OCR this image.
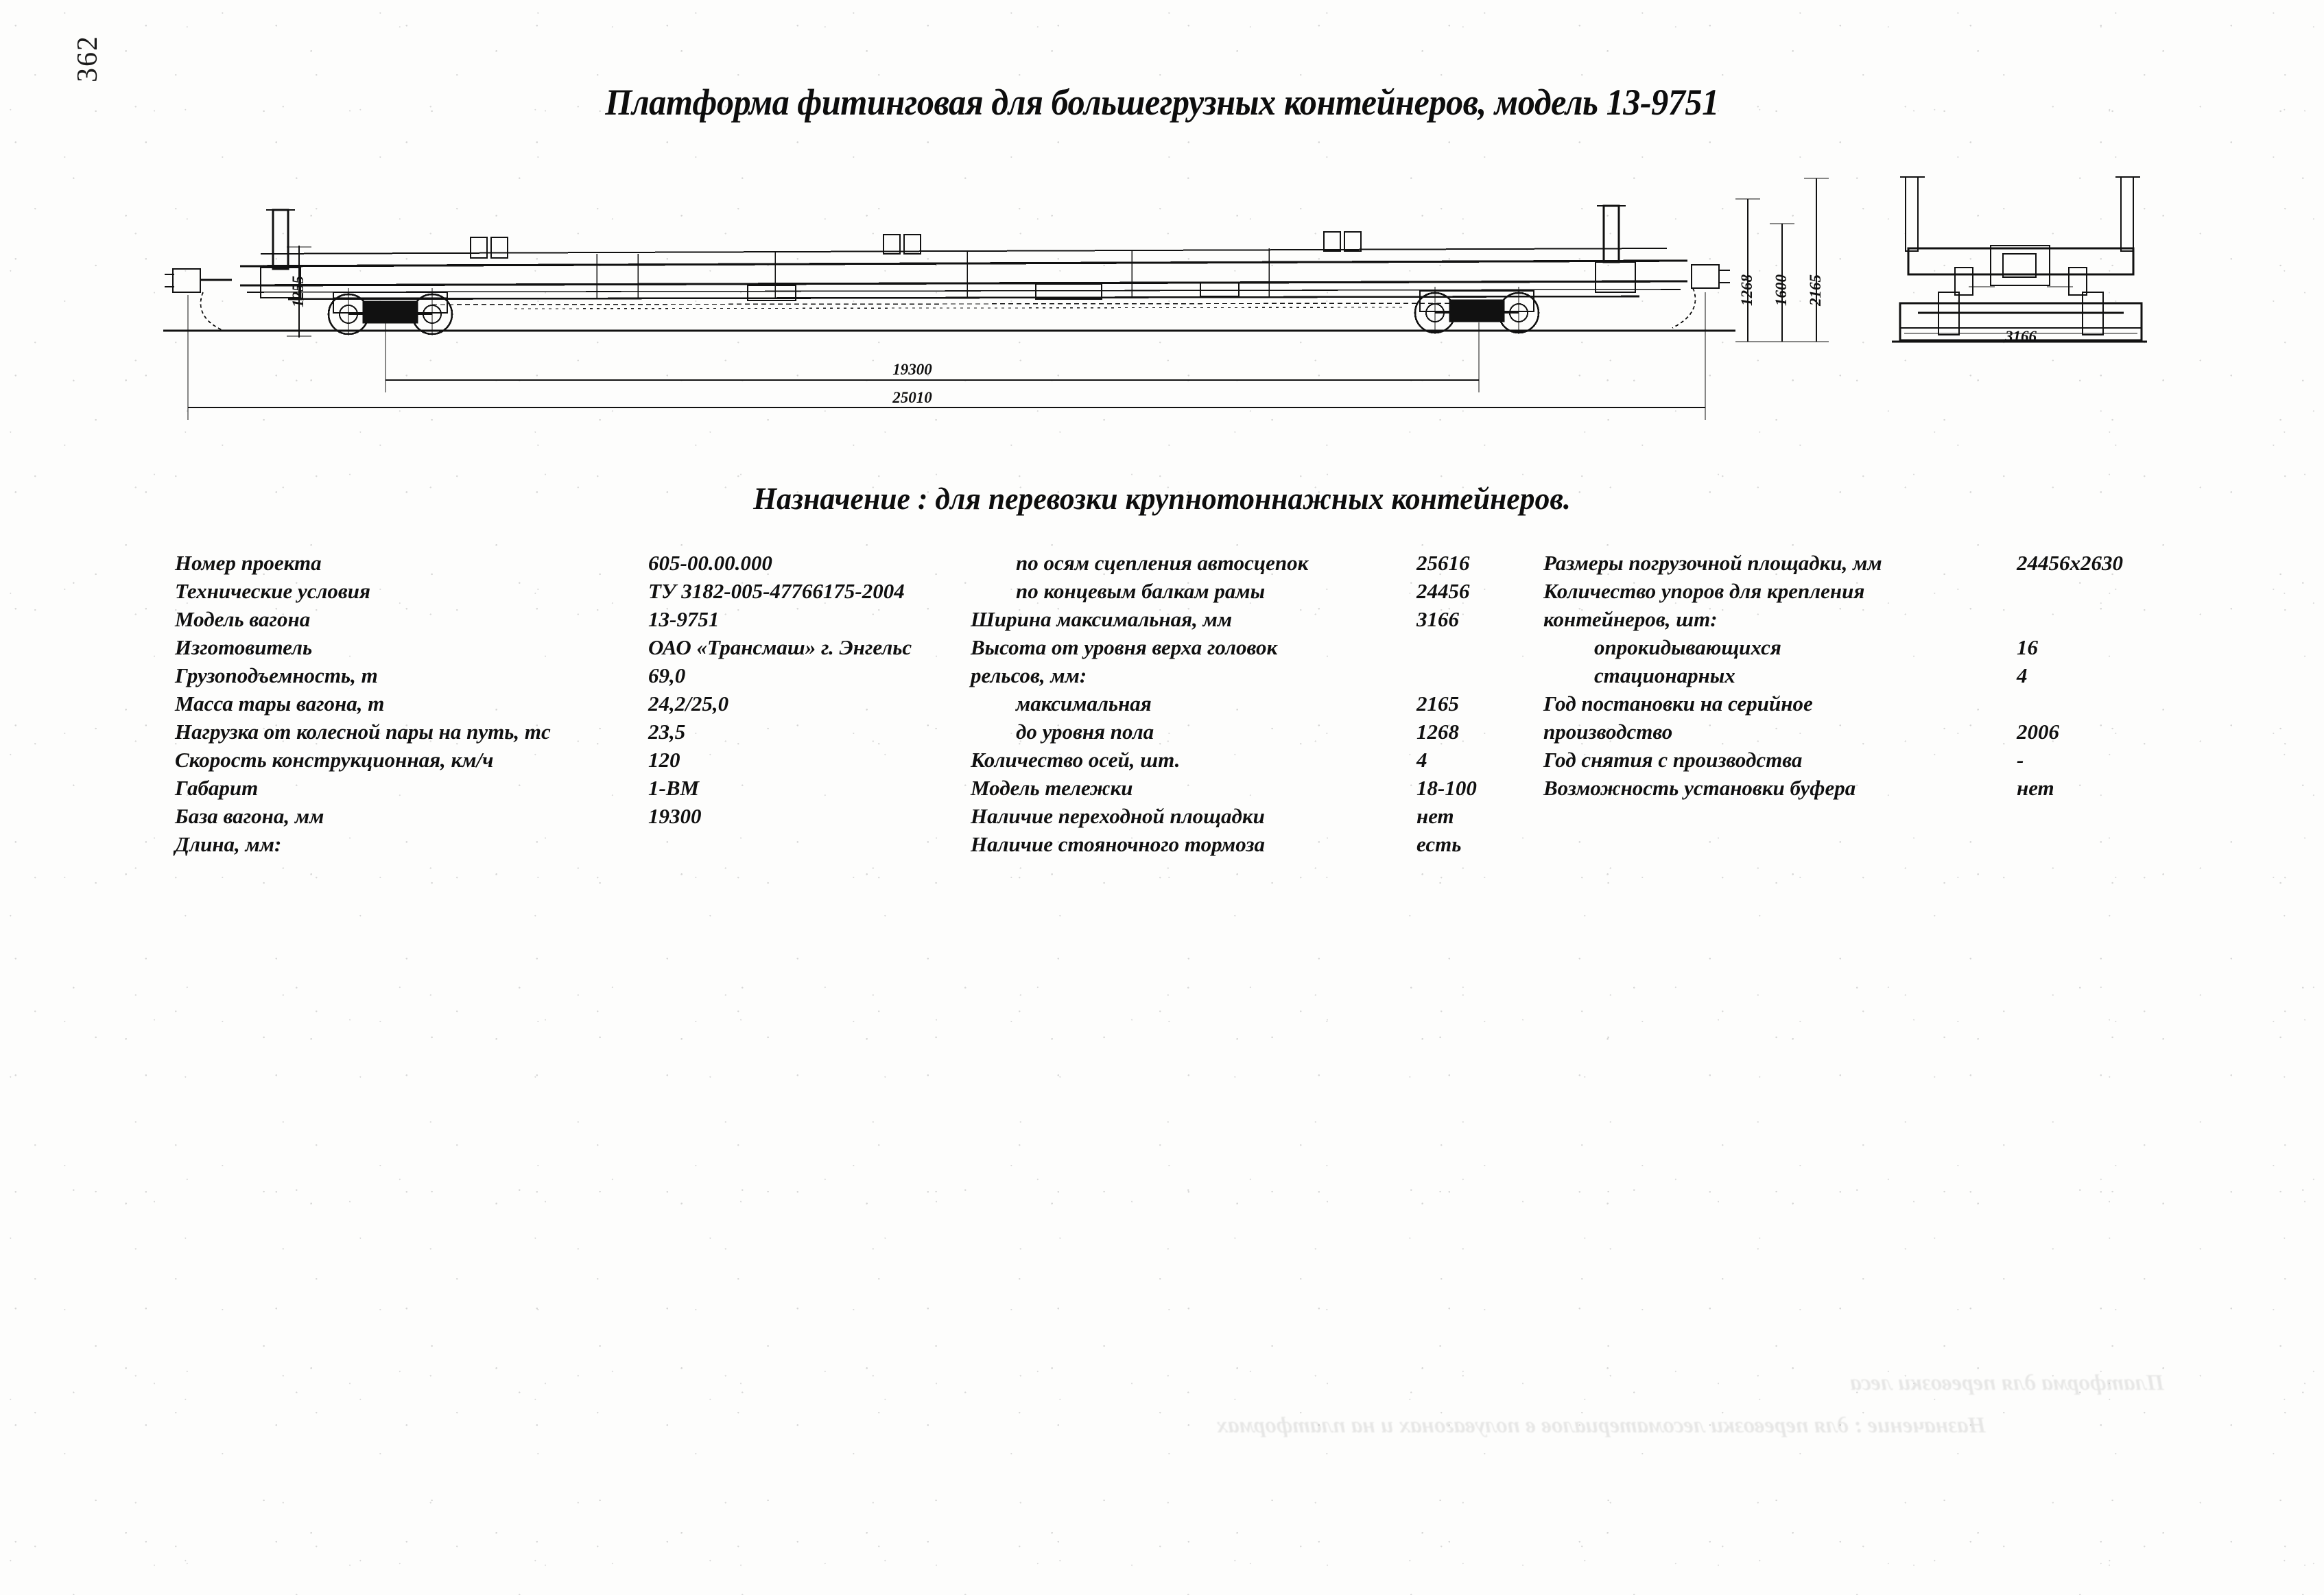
362
Платформа фитинговая для большегрузных контейнеров, модель 13-9751
1255
19300
25010
1268 1600 2165
3166
Назначение : для перевозки крупнотоннажных контейнеров.
Номер проекта
Технические условия
Модель вагона
Изготовитель
Грузоподъемность, т
Масса тары вагона, т
Нагрузка от колесной пары на путь, тс
Скорость конструкционная, км/ч
Габарит
База вагона, мм
Длина, мм:
605-00.00.000
ТУ 3182-005-47766175-2004
13-9751
ОАО «Трансмаш» г. Энгельс
69,0
24,2/25,0
23,5
120
1-ВМ
19300

по осям сцепления автосцепок
по концевым балкам рамы
Ширина максимальная, мм
Высота от уровня верха головок
рельсов, мм:
максимальная
до уровня пола
Количество осей, шт.
Модель тележки
Наличие переходной площадки
Наличие стояночного тормоза
25616
24456
3166

2165
1268
4
18-100
нет
есть
Размеры погрузочной площадки, мм
Количество упоров для крепления
контейнеров, шт:
опрокидывающихся
стационарных
Год постановки на серийное
производство
Год снятия с производства
Возможность установки буфера
24456x2630

16
4

2006
-
нет
Платформа для перевозки леса
Назначение : для перевозки лесоматериалов в полувагонах и на платформах
